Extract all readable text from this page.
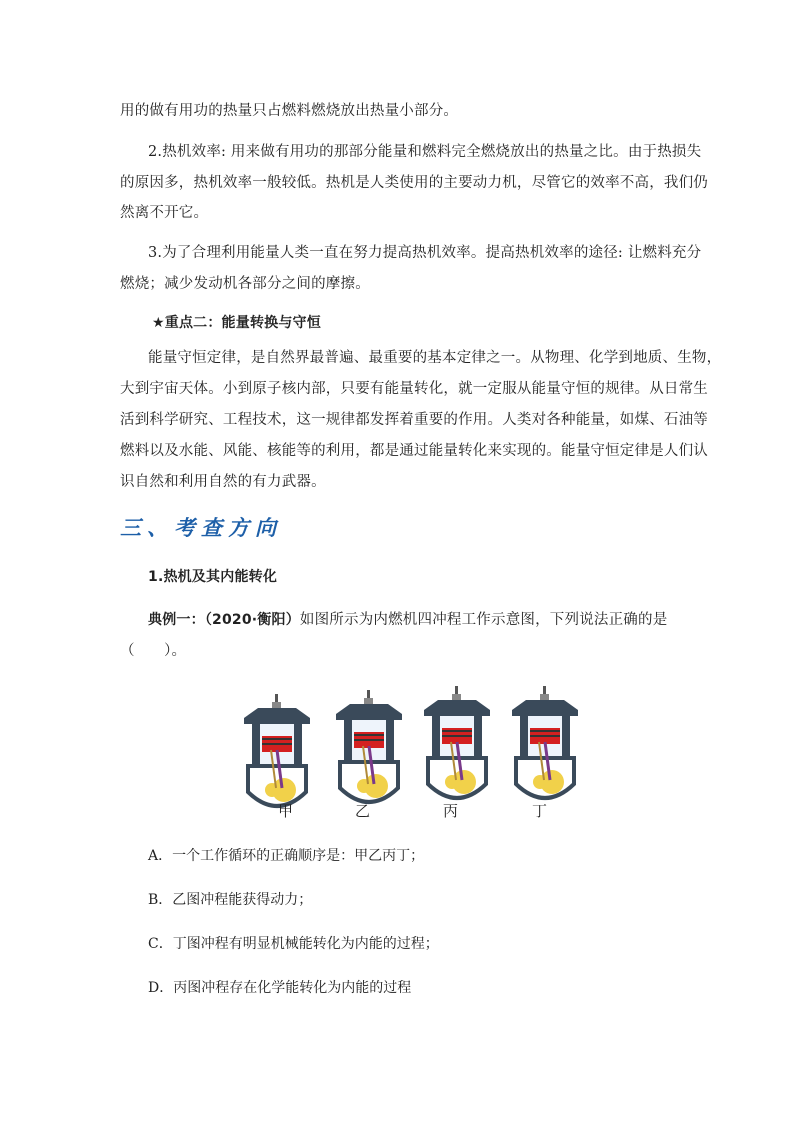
用的做有用功的热量只占燃料燃烧放出热量小部分。
2.热机效率: 用来做有用功的那部分能量和燃料完全燃烧放出的热量之比。由于热损失
的原因多，热机效率一般较低。热机是人类使用的主要动力机，尽管它的效率不高，我们仍
然离不开它。
3.为了合理利用能量人类一直在努力提高热机效率。提高热机效率的途径: 让燃料充分
燃烧；减少发动机各部分之间的摩擦。
★重点二：能量转换与守恒
能量守恒定律，是自然界最普遍、最重要的基本定律之一。从物理、化学到地质、生物，
大到宇宙天体。小到原子核内部，只要有能量转化，就一定服从能量守恒的规律。从日常生
活到科学研究、工程技术，这一规律都发挥着重要的作用。人类对各种能量，如煤、石油等
燃料以及水能、风能、核能等的利用，都是通过能量转化来实现的。能量守恒定律是人们认
识自然和利用自然的有力武器。
三、考查方向
1.热机及其内能转化
典例一：（2020·衡阳）如图所示为内燃机四冲程工作示意图，下列说法正确的是
（　　）。
甲	乙	丙	丁
A．一个工作循环的正确顺序是：甲乙丙丁；
B．乙图冲程能获得动力；
C．丁图冲程有明显机械能转化为内能的过程；
D．丙图冲程存在化学能转化为内能的过程
